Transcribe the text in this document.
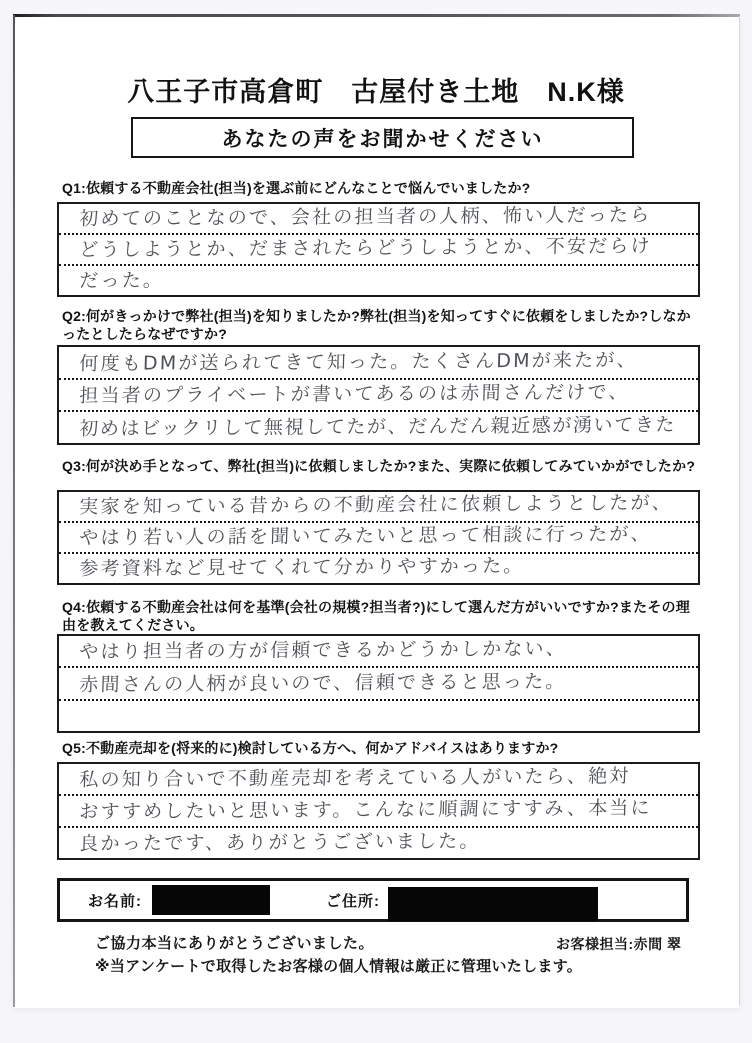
八王子市高倉町　古屋付き土地　N.K様
あなたの声をお聞かせください
Q1:依頼する不動産会社(担当)を選ぶ前にどんなことで悩んでいましたか?
初めてのことなので、会社の担当者の人柄、怖い人だったら
どうしようとか、だまされたらどうしようとか、不安だらけ
だった。
Q2:何がきっかけで弊社(担当)を知りましたか?弊社(担当)を知ってすぐに依頼をしましたか?しなかったとしたらなぜですか?
何度もDMが送られてきて知った。たくさんDMが来たが、
担当者のプライベートが書いてあるのは赤間さんだけで、
初めはビックリして無視してたが、だんだん親近感が湧いてきた
Q3:何が決め手となって、弊社(担当)に依頼しましたか?また、実際に依頼してみていかがでしたか?
実家を知っている昔からの不動産会社に依頼しようとしたが、
やはり若い人の話を聞いてみたいと思って相談に行ったが、
参考資料など見せてくれて分かりやすかった。
Q4:依頼する不動産会社は何を基準(会社の規模?担当者?)にして選んだ方がいいですか?またその理由を教えてください。
やはり担当者の方が信頼できるかどうかしかない、
赤間さんの人柄が良いので、信頼できると思った。
Q5:不動産売却を(将来的に)検討している方へ、何かアドバイスはありますか?
私の知り合いで不動産売却を考えている人がいたら、絶対
おすすめしたいと思います。こんなに順調にすすみ、本当に
良かったです、ありがとうございました。
お名前:	ご住所:
ご協力本当にありがとうございました。	お客様担当:赤間 翠
※当アンケートで取得したお客様の個人情報は厳正に管理いたします。
